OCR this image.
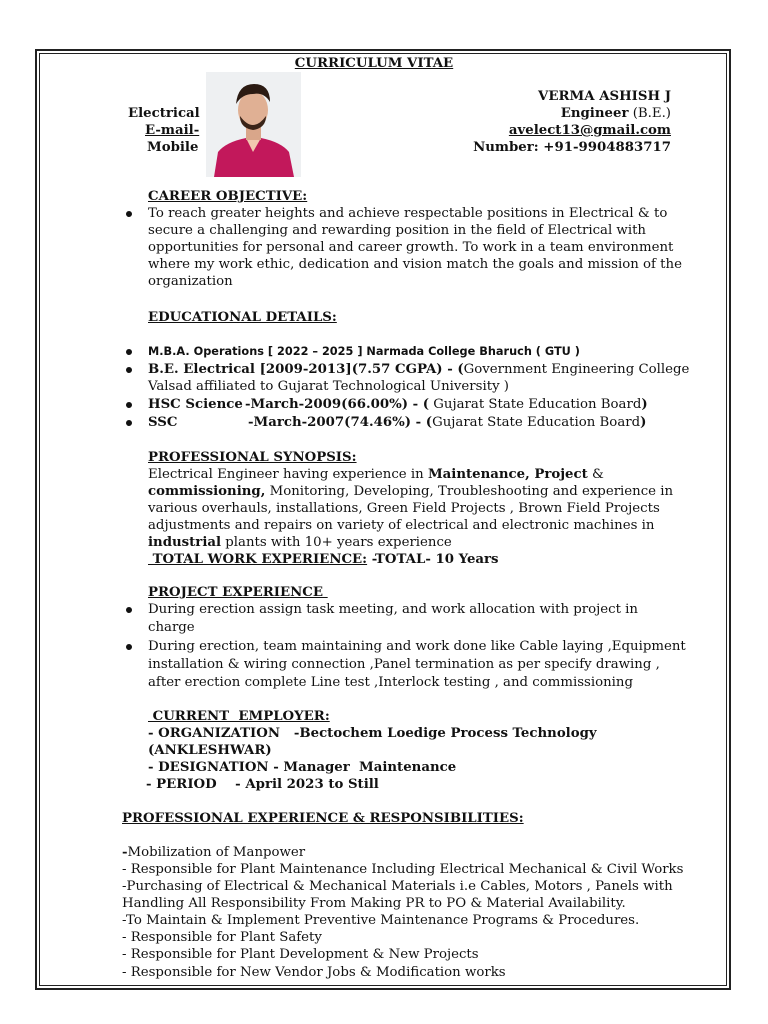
CURRICULUM VITAE
Electrical
E-mail-
Mobile
VERMA ASHISH J
Engineer (B.E.)
avelect13@gmail.com
Number: +91-9904883717
CAREER OBJECTIVE:
To reach greater heights and achieve respectable positions in Electrical & to
secure a challenging and rewarding position in the field of Electrical with
opportunities for personal and career growth. To work in a team environment
where my work ethic, dedication and vision match the goals and mission of the
organization
EDUCATIONAL DETAILS:
M.B.A. Operations [ 2022 – 2025 ] Narmada College Bharuch ( GTU )
B.E. Electrical [2009-2013](7.57 CGPA) - (Government Engineering College
Valsad affiliated to Gujarat Technological University )
HSC Science -March-2009(66.00%) - ( Gujarat State Education Board)
SSC	-March-2007(74.46%) - (Gujarat State Education Board)
PROFESSIONAL SYNOPSIS:
Electrical Engineer having experience in Maintenance, Project &
commissioning, Monitoring, Developing, Troubleshooting and experience in
various overhauls, installations, Green Field Projects , Brown Field Projects
adjustments and repairs on variety of electrical and electronic machines in
industrial plants with 10+ years experience
TOTAL WORK EXPERIENCE: -TOTAL- 10 Years
PROJECT EXPERIENCE
During erection assign task meeting, and work allocation with project in
charge
During erection, team maintaining and work done like Cable laying ,Equipment
installation & wiring connection ,Panel termination as per specify drawing ,
after erection complete Line test ,Interlock testing , and commissioning
CURRENT  EMPLOYER:
- ORGANIZATION   -Bectochem Loedige Process Technology
(ANKLESHWAR)
- DESIGNATION - Manager  Maintenance
- PERIOD    - April 2023 to Still
PROFESSIONAL EXPERIENCE & RESPONSIBILITIES:
-Mobilization of Manpower
- Responsible for Plant Maintenance Including Electrical Mechanical & Civil Works
-Purchasing of Electrical & Mechanical Materials i.e Cables, Motors , Panels with
Handling All Responsibility From Making PR to PO & Material Availability.
-To Maintain & Implement Preventive Maintenance Programs & Procedures.
- Responsible for Plant Safety
- Responsible for Plant Development & New Projects
- Responsible for New Vendor Jobs & Modification works
